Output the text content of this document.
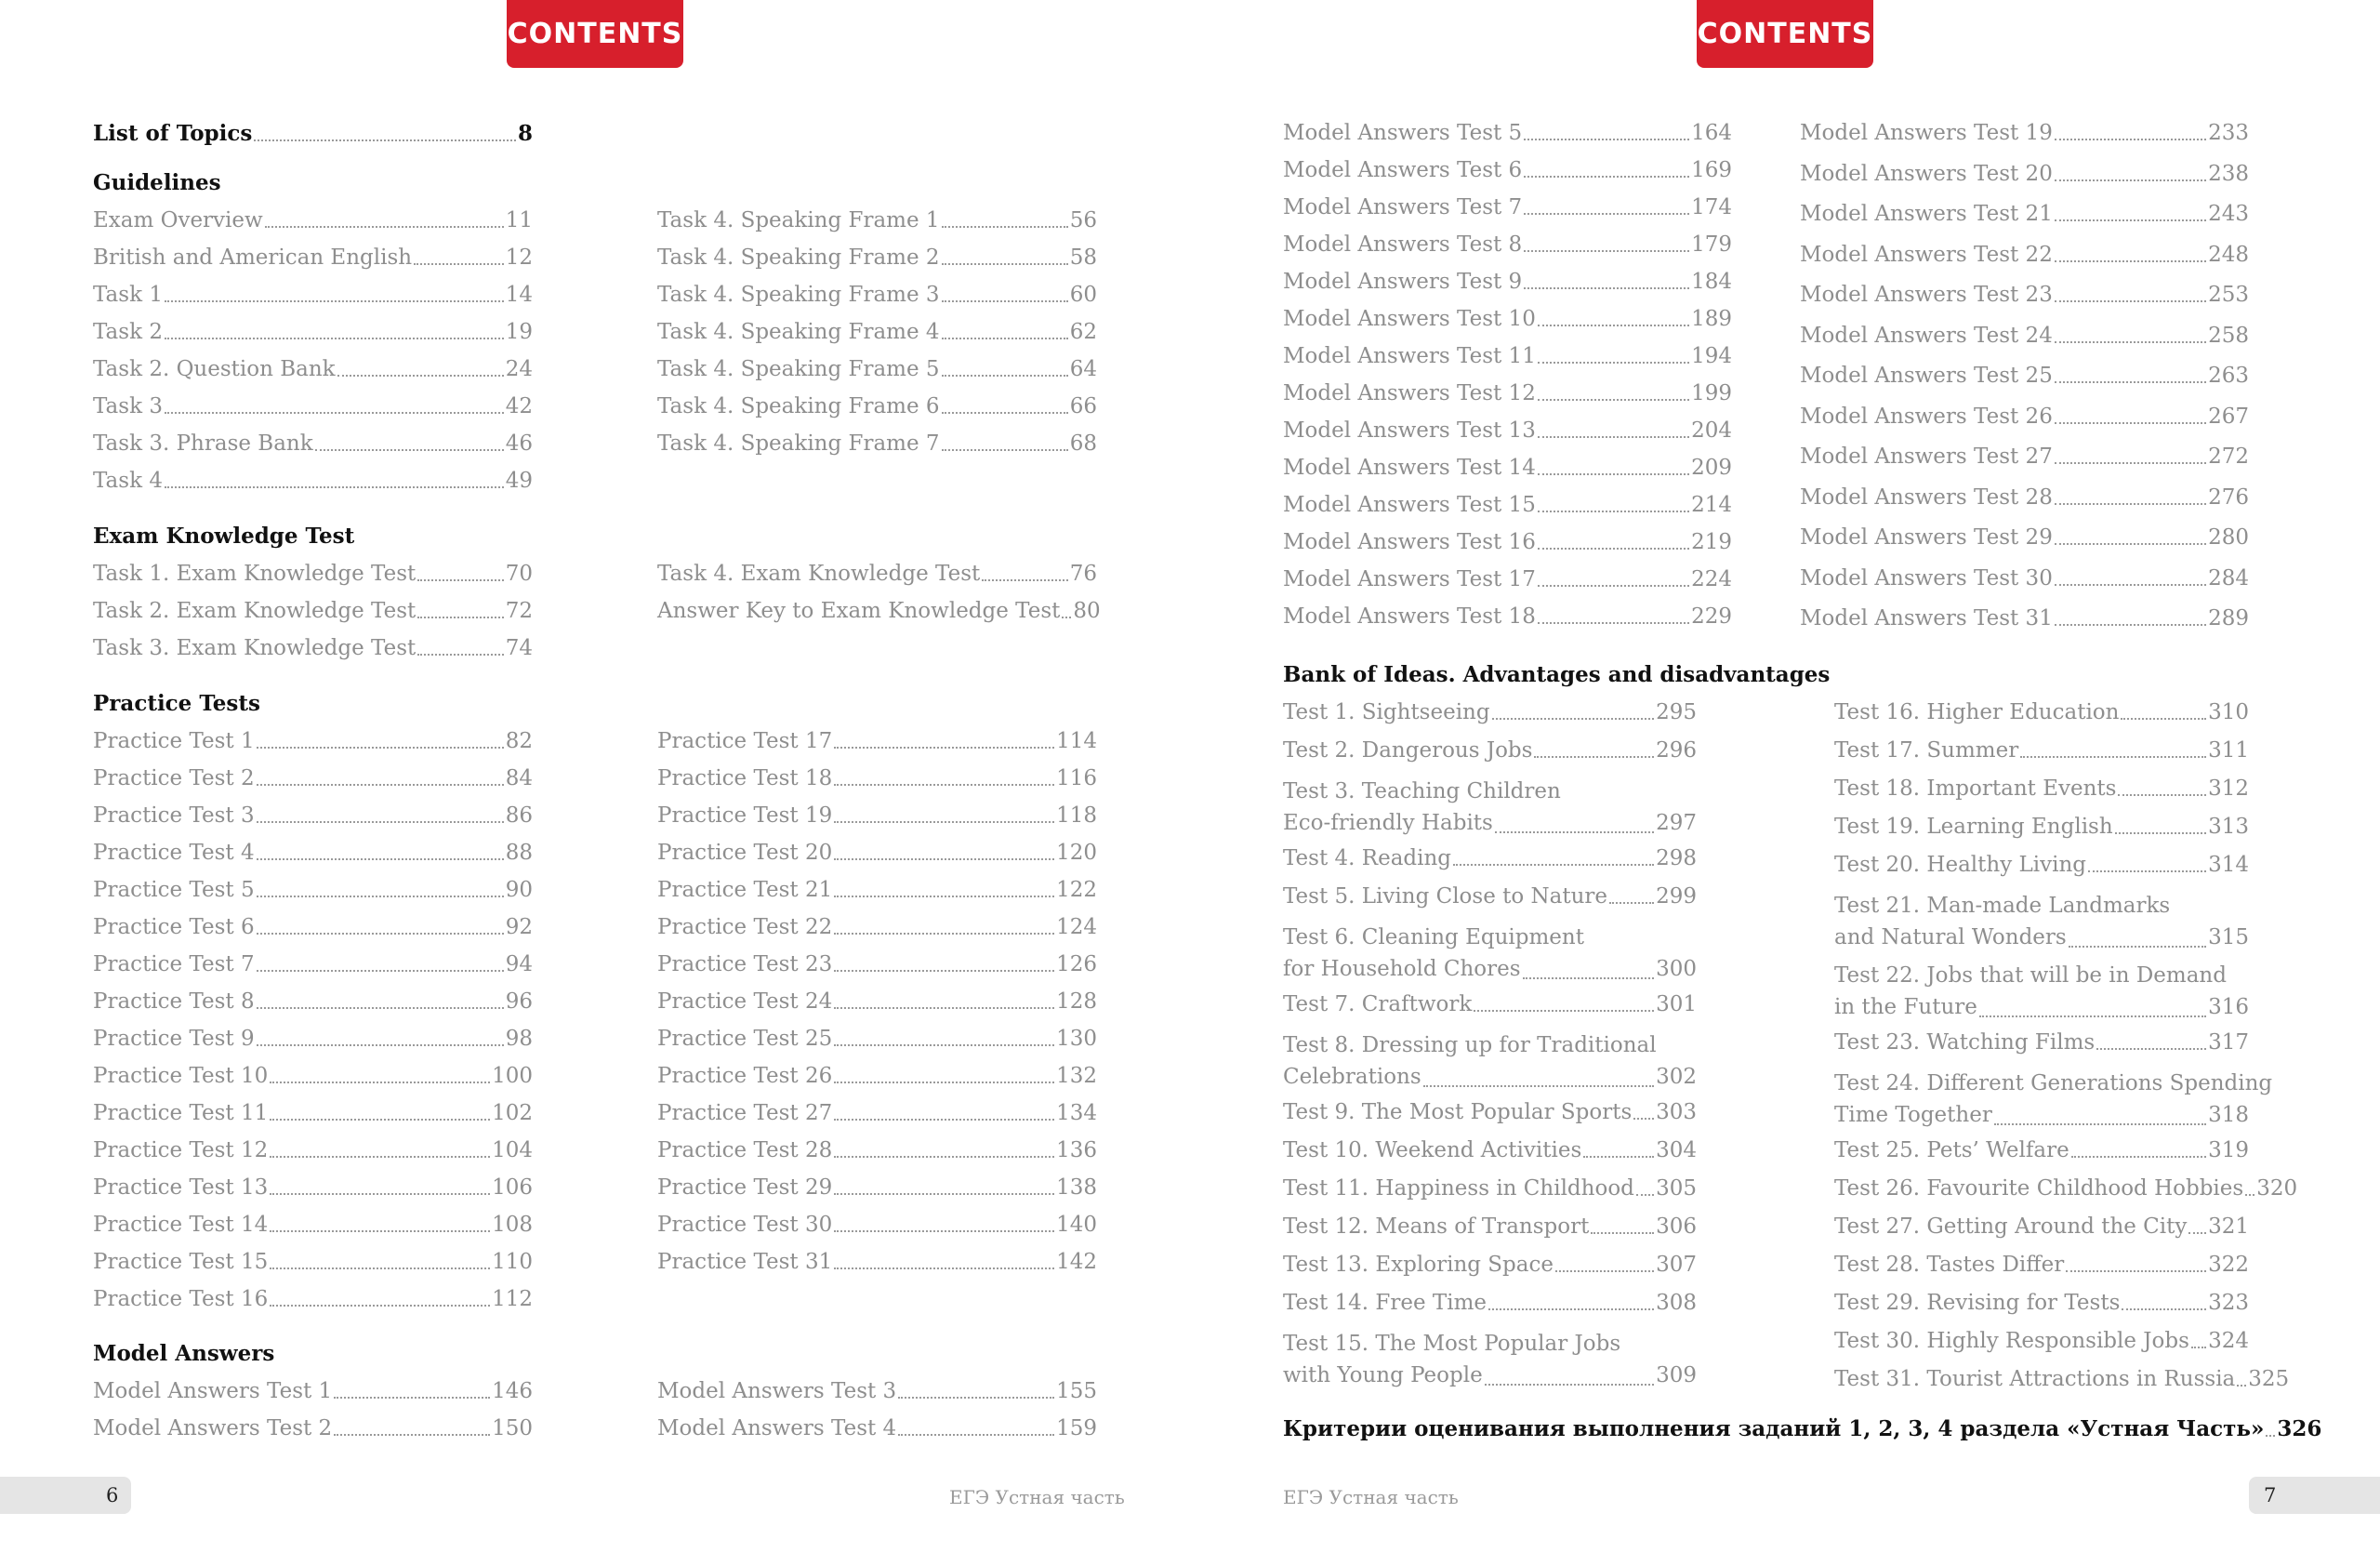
CONTENTS
List of Topics	8
Guidelines
Exam Overview	11
British and American English	12
Task 1	14
Task 2	19
Task 2. Question Bank	24
Task 3	42
Task 3. Phrase Bank	46
Task 4	49
Task 4. Speaking Frame 1	56
Task 4. Speaking Frame 2	58
Task 4. Speaking Frame 3	60
Task 4. Speaking Frame 4	62
Task 4. Speaking Frame 5	64
Task 4. Speaking Frame 6	66
Task 4. Speaking Frame 7	68
Exam Knowledge Test
Task 1. Exam Knowledge Test	70
Task 2. Exam Knowledge Test	72
Task 3. Exam Knowledge Test	74
Task 4. Exam Knowledge Test	76
Answer Key to Exam Knowledge Test 80
Practice Tests
Practice Test 1	82
Practice Test 2	84
Practice Test 3	86
Practice Test 4	88
Practice Test 5	90
Practice Test 6	92
Practice Test 7	94
Practice Test 8	96
Practice Test 9	98
Practice Test 10	100
Practice Test 11	102
Practice Test 12	104
Practice Test 13	106
Practice Test 14	108
Practice Test 15	110
Practice Test 16	112
Practice Test 17	114
Practice Test 18	116
Practice Test 19	118
Practice Test 20	120
Practice Test 21	122
Practice Test 22	124
Practice Test 23	126
Practice Test 24	128
Practice Test 25	130
Practice Test 26	132
Practice Test 27	134
Practice Test 28	136
Practice Test 29	138
Practice Test 30	140
Practice Test 31	142
Model Answers
Model Answers Test 1	146
Model Answers Test 2	150
Model Answers Test 3	155
Model Answers Test 4	159
6	ЕГЭ Устная часть
CONTENTS
Model Answers Test 5	164
Model Answers Test 6	169
Model Answers Test 7	174
Model Answers Test 8	179
Model Answers Test 9	184
Model Answers Test 10	189
Model Answers Test 11	194
Model Answers Test 12	199
Model Answers Test 13	204
Model Answers Test 14	209
Model Answers Test 15	214
Model Answers Test 16	219
Model Answers Test 17	224
Model Answers Test 18	229
Model Answers Test 19	233
Model Answers Test 20	238
Model Answers Test 21	243
Model Answers Test 22	248
Model Answers Test 23	253
Model Answers Test 24	258
Model Answers Test 25	263
Model Answers Test 26	267
Model Answers Test 27	272
Model Answers Test 28	276
Model Answers Test 29	280
Model Answers Test 30	284
Model Answers Test 31	289
Bank of Ideas. Advantages and disadvantages
Test 1. Sightseeing	295
Test 2. Dangerous Jobs	296
Test 3. Teaching Children
Eco-friendly Habits	297
Test 4. Reading	298
Test 5. Living Close to Nature 299
Test 6. Cleaning Equipment
for Household Chores	300
Test 7. Craftwork	301
Test 8. Dressing up for Traditional
Celebrations	302
Test 9. The Most Popular Sports 303
Test 10. Weekend Activities	304
Test 11. Happiness in Childhood 305
Test 12. Means of Transport	306
Test 13. Exploring Space	307
Test 14. Free Time	308
Test 15. The Most Popular Jobs
with Young People	309
Test 16. Higher Education	310
Test 17. Summer	311
Test 18. Important Events	312
Test 19. Learning English	313
Test 20. Healthy Living	314
Test 21. Man-made Landmarks
and Natural Wonders	315
Test 22. Jobs that will be in Demand
in the Future	316
Test 23. Watching Films	317
Test 24. Different Generations Spending
Time Together	318
Test 25. Pets’ Welfare	319
Test 26. Favourite Childhood Hobbies 320
Test 27. Getting Around the City 321
Test 28. Tastes Differ	322
Test 29. Revising for Tests	323
Test 30. Highly Responsible Jobs 324
Test 31. Tourist Attractions in Russia 325
Критерии оценивания выполнения заданий 1, 2, 3, 4 раздела «Устная Часть» 326
ЕГЭ Устная часть	7
